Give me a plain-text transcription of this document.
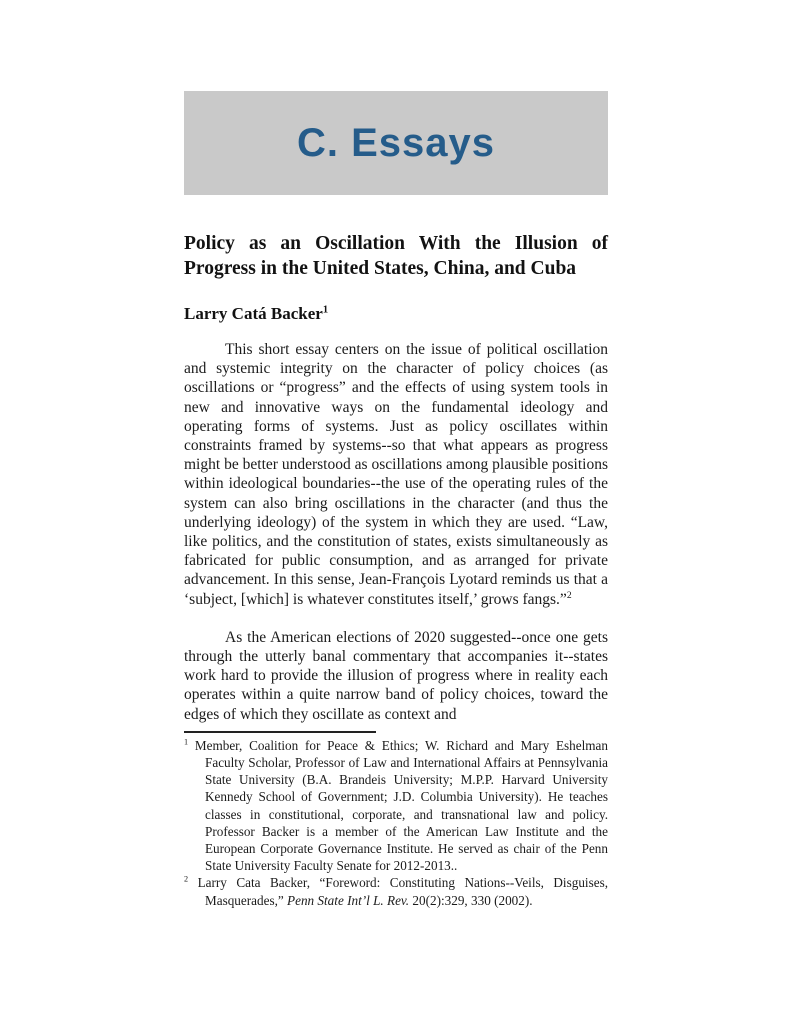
C. Essays
Policy as an Oscillation With the Illusion of Progress in the United States, China, and Cuba
Larry Catá Backer$^1$

This short essay centers on the issue of political oscillation and systemic integrity on the character of policy choices (as oscillations or “progress” and the effects of using system tools in new and innovative ways on the fundamental ideology and operating forms of systems. Just as policy oscillates within constraints framed by systems--so that what appears as progress might be better understood as oscillations among plausible positions within ideological boundaries--the use of the operating rules of the system can also bring oscillations in the character (and thus the underlying ideology) of the system in which they are used. “Law, like politics, and the constitution of states, exists simultaneously as fabricated for public consumption, and as arranged for private advancement. In this sense, Jean-François Lyotard reminds us that a ‘subject, [which] is whatever constitutes itself,’ grows fangs.”$^2$

As the American elections of 2020 suggested--once one gets through the utterly banal commentary that accompanies it--states work hard to provide the illusion of progress where in reality each operates within a quite narrow band of policy choices, toward the edges of which they oscillate as context and

$^1$ Member, Coalition for Peace & Ethics; W. Richard and Mary Eshelman Faculty Scholar, Professor of Law and International Affairs at Pennsylvania State University (B.A. Brandeis University; M.P.P. Harvard University Kennedy School of Government; J.D. Columbia University). He teaches classes in constitutional, corporate, and transnational law and policy. Professor Backer is a member of the American Law Institute and the European Corporate Governance Institute. He served as chair of the Penn State University Faculty Senate for 2012-2013..
$^2$ Larry Cata Backer, “Foreword: Constituting Nations--Veils, Disguises, Masquerades,” Penn State Int’l L. Rev. 20(2):329, 330 (2002).
